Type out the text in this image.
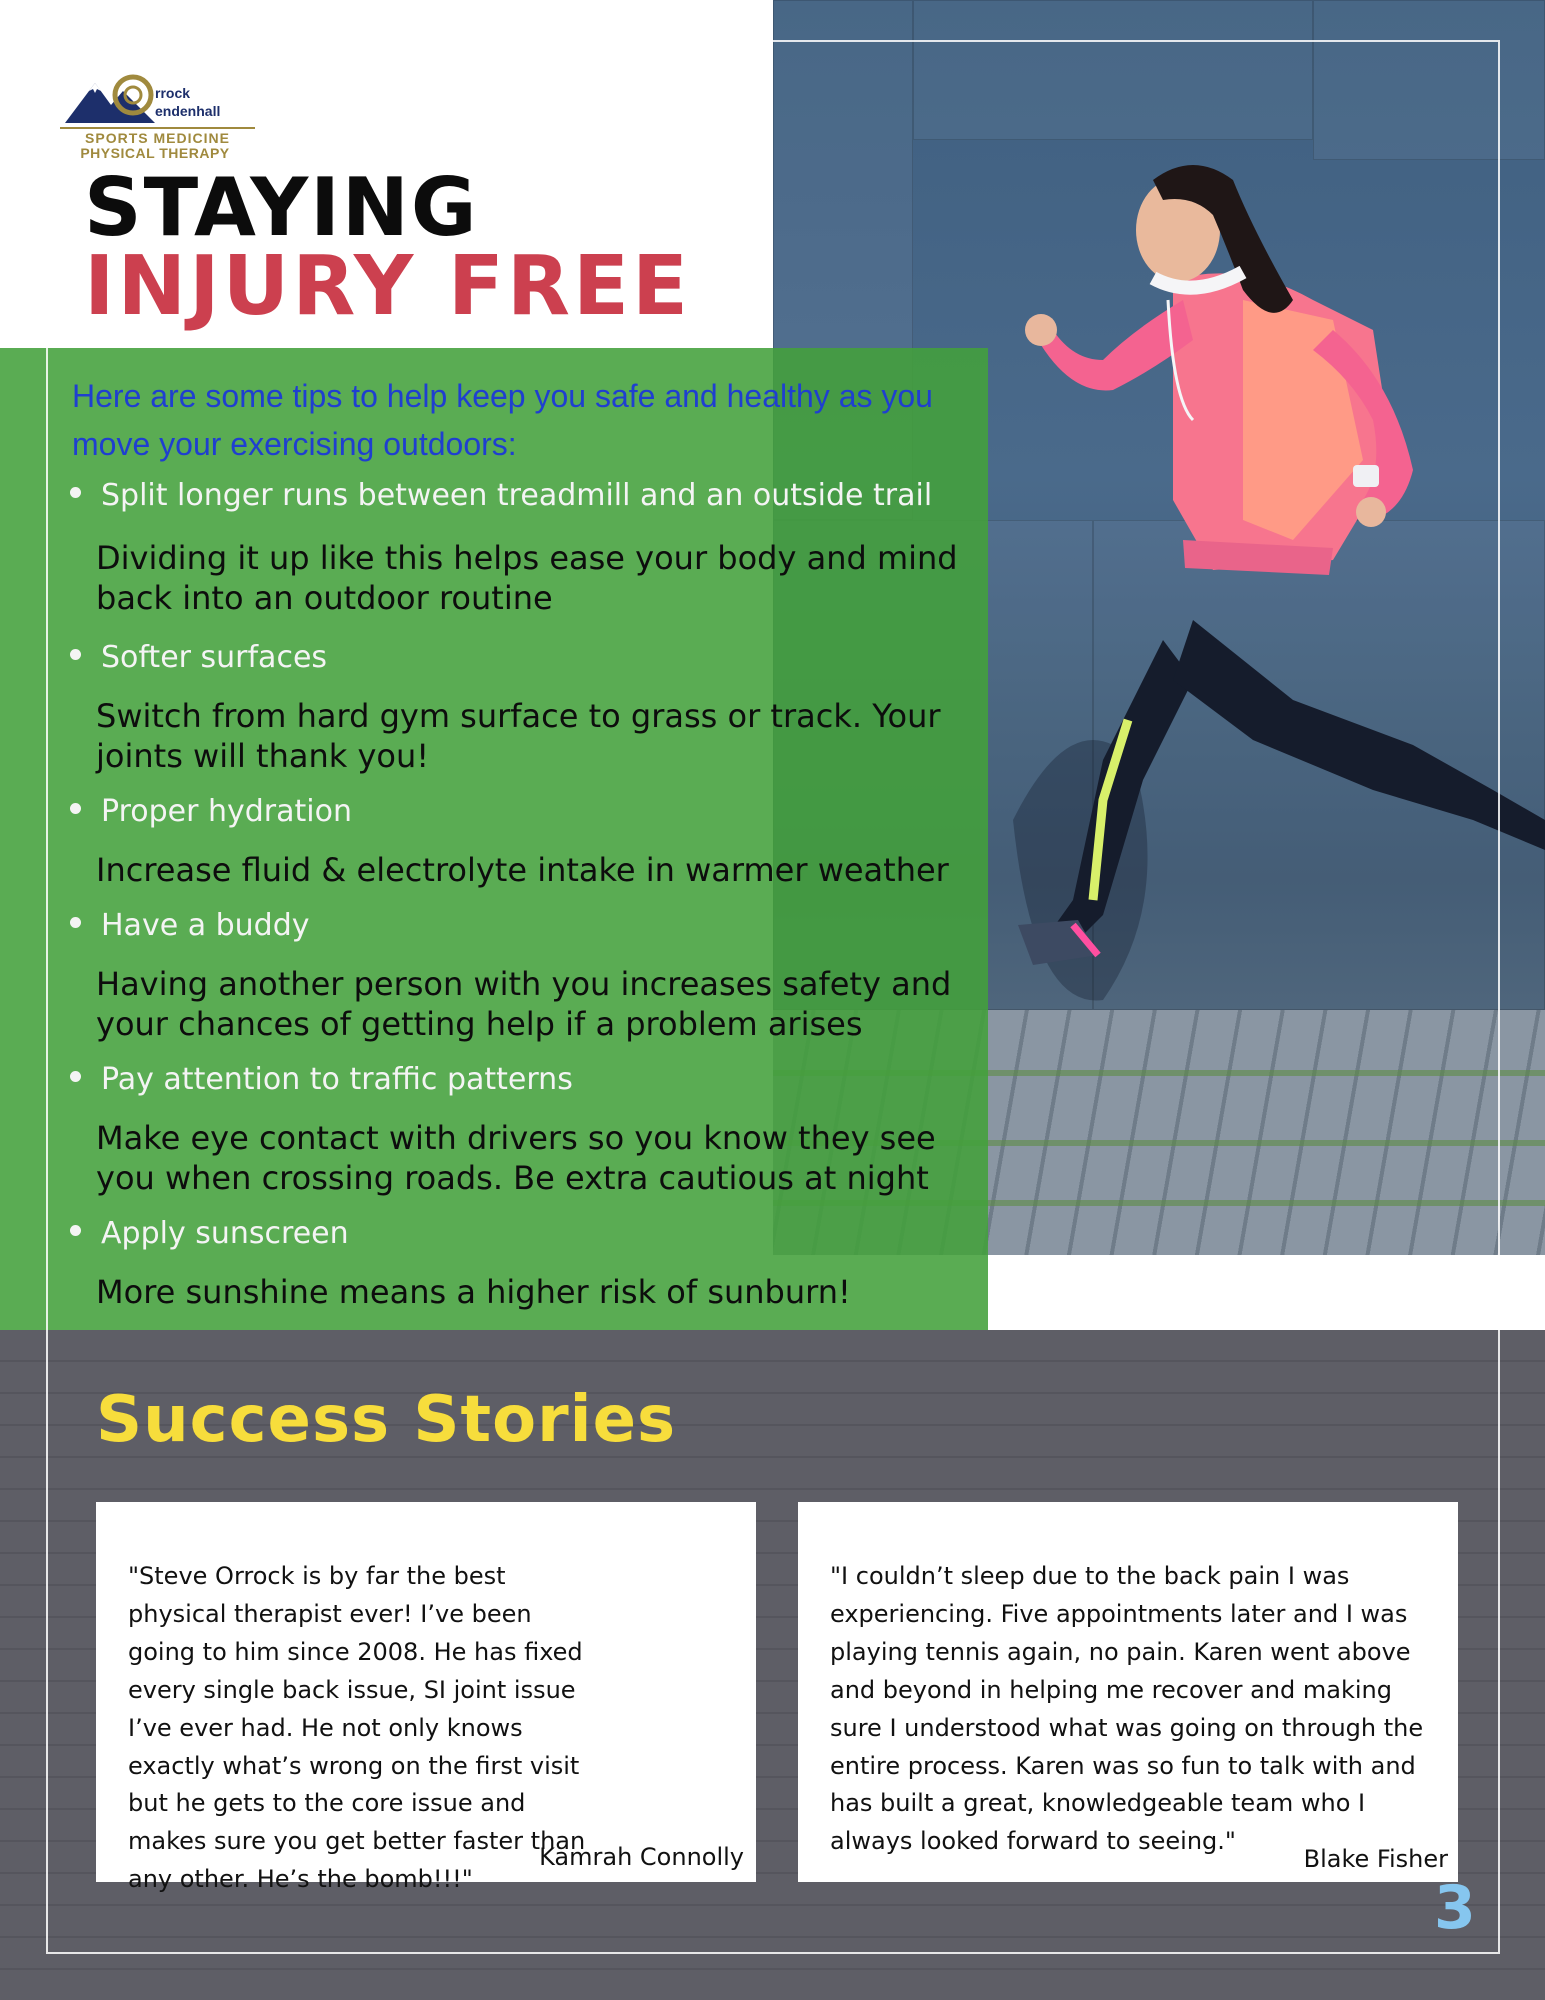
rrock
endenhall
SPORTS MEDICINE
PHYSICAL THERAPY
STAYING
INJURY FREE
Here are some tips to help keep you safe and healthy as you move your exercising outdoors:
Split longer runs between treadmill and an outside trail
Dividing it up like this helps ease your body and mind back into an outdoor routine
Softer surfaces
Switch from hard gym surface to grass or track. Your joints will thank you!
Proper hydration
Increase fluid & electrolyte intake in warmer weather
Have a buddy
Having another person with you increases safety and your chances of getting help if a problem arises
Pay attention to traffic patterns
Make eye contact with drivers so you know they see you when crossing roads. Be extra cautious at night
Apply sunscreen
More sunshine means a higher risk of sunburn!
Success Stories
"Steve Orrock is by far the best physical therapist ever! I’ve been going to him since 2008. He has fixed every single back issue, SI joint issue I’ve ever had. He not only knows exactly what’s wrong on the first visit but he gets to the core issue and makes sure you get better faster than any other. He’s the bomb!!!"
Kamrah Connolly
"I couldn’t sleep due to the back pain I was experiencing. Five appointments later and I was playing tennis again, no pain. Karen went above and beyond in helping me recover and making sure I understood what was going on through the entire process. Karen was so fun to talk with and has built a great, knowledgeable team who I always looked forward to seeing."
Blake Fisher
3
